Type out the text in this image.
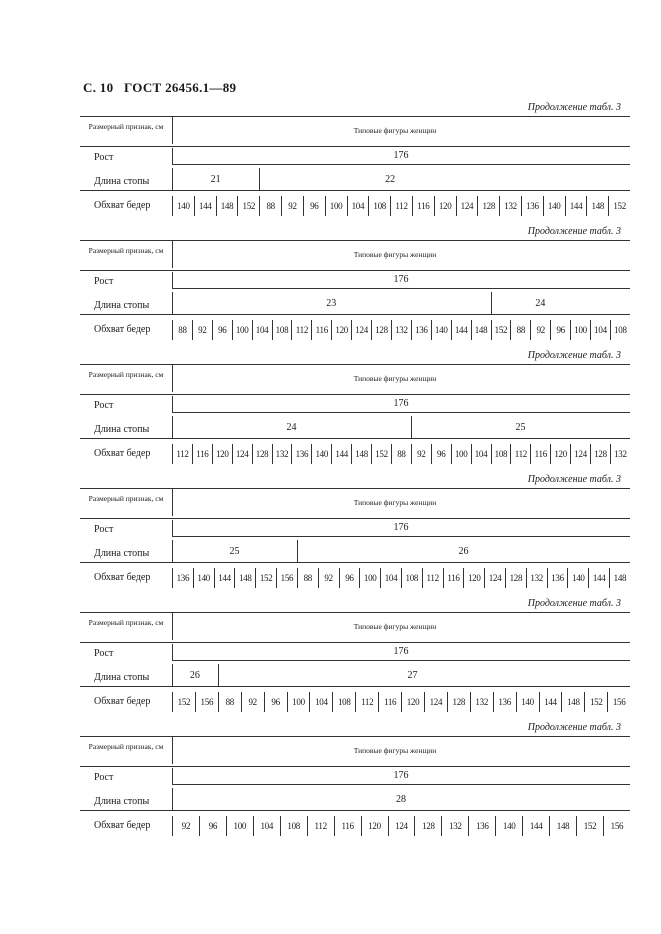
С. 10 ГОСТ 26456.1—89
Продолжение табл. 3
Размерный признак, см	Типовые фигуры женщин
Рост	176
Длина стопы	21	22
Обхват бедер	140	144	148	152	88	92	96	100	104	108	112	116	120	124	128	132	136	140	144	148	152
Продолжение табл. 3
Размерный признак, см	Типовые фигуры женщин
Рост	176
Длина стопы	23	24
Обхват бедер	88	92	96	100 104 108 112 116 120 124 128 132 136 140 144 148 152	88	92	96	100 104 108
Продолжение табл. 3
Размерный признак, см	Типовые фигуры женщин
Рост	176
Длина стопы	24	25
Обхват бедер	112 116 120 124 128 132 136 140 144 148 152	88	92	96	100 104 108 112 116 120 124 128 132
Продолжение табл. 3
Размерный признак, см	Типовые фигуры женщин
Рост	176
Длина стопы	25	26
Обхват бедер	136 140 144 148 152 156	88	92	96	100 104 108 112 116 120 124 128 132 136 140 144 148
Продолжение табл. 3
Размерный признак, см	Типовые фигуры женщин
Рост	176
Длина стопы	26	27
Обхват бедер	152	156	88	92	96	100	104	108	112	116	120	124	128	132	136	140	144	148	152	156
Продолжение табл. 3
Размерный признак, см	Типовые фигуры женщин
Рост	176
Длина стопы	28
Обхват бедер	92	96	100	104	108	112	116	120	124	128	132	136	140	144	148	152	156
